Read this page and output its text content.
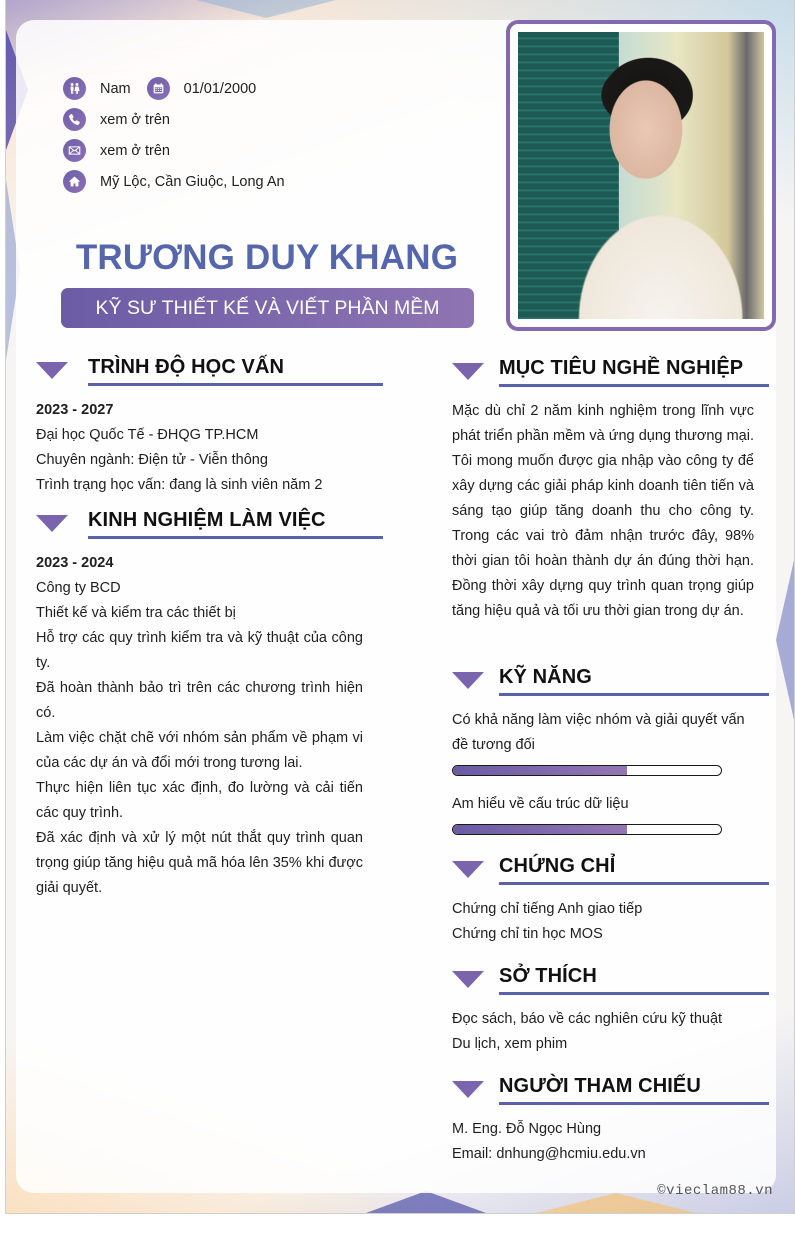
Nam	01/01/2000
xem ở trên
xem ở trên
Mỹ Lộc, Cần Giuộc, Long An
TRƯƠNG DUY KHANG
KỸ SƯ THIẾT KẾ VÀ VIẾT PHẦN MỀM
TRÌNH ĐỘ HỌC VẤN
2023 - 2027
Đại học Quốc Tế - ĐHQG TP.HCM
Chuyên ngành: Điện tử - Viễn thông
Trình trạng học vấn: đang là sinh viên năm 2
KINH NGHIỆM LÀM VIỆC
2023 - 2024
Công ty BCD
Thiết kế và kiểm tra các thiết bị
Hỗ trợ các quy trình kiểm tra và kỹ thuật của công ty.
Đã hoàn thành bảo trì trên các chương trình hiện có.
Làm việc chặt chẽ với nhóm sản phẩm về phạm vi của các dự án và đổi mới trong tương lai.
Thực hiện liên tục xác định, đo lường và cải tiến các quy trình.
Đã xác định và xử lý một nút thắt quy trình quan trọng giúp tăng hiệu quả mã hóa lên 35% khi được giải quyết.
MỤC TIÊU NGHỀ NGHIỆP
Mặc dù chỉ 2 năm kinh nghiệm trong lĩnh vực phát triển phần mềm và ứng dụng thương mại. Tôi mong muốn được gia nhập vào công ty để xây dựng các giải pháp kinh doanh tiên tiến và sáng tạo giúp tăng doanh thu cho công ty. Trong các vai trò đảm nhận trước đây, 98% thời gian tôi hoàn thành dự án đúng thời hạn. Đồng thời xây dựng quy trình quan trọng giúp tăng hiệu quả và tối ưu thời gian trong dự án.
KỸ NĂNG
Có khả năng làm việc nhóm và giải quyết vấn đề tương đối
Am hiểu về cấu trúc dữ liệu
CHỨNG CHỈ
Chứng chỉ tiếng Anh giao tiếp
Chứng chỉ tin học MOS
SỞ THÍCH
Đọc sách, báo về các nghiên cứu kỹ thuật
Du lịch, xem phim
NGƯỜI THAM CHIẾU
M. Eng. Đỗ Ngọc Hùng
Email: dnhung@hcmiu.edu.vn
©vieclam88.vn
